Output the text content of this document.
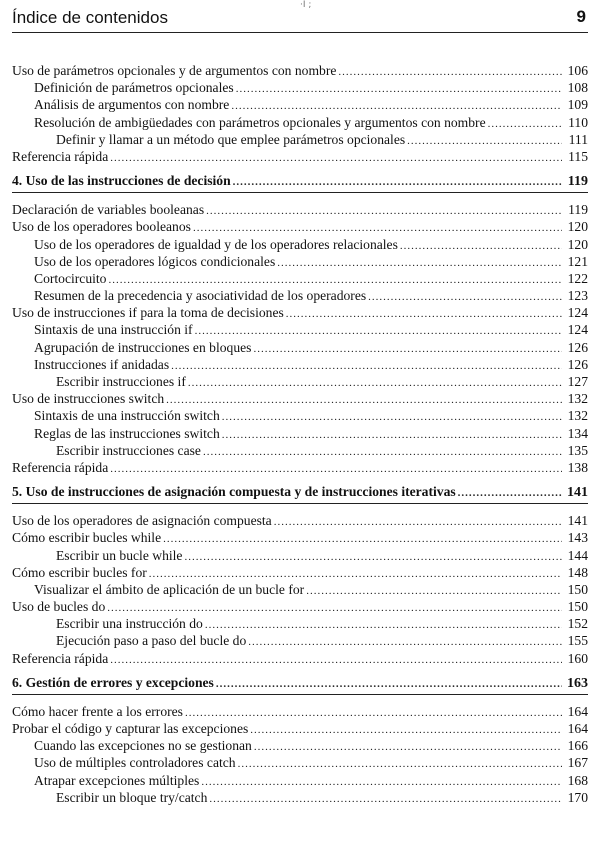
·I ;
Índice de contenidos	9
Uso de parámetros opcionales y de argumentos con nombre .....	106
Definición de parámetros opcionales .....	108
Análisis de argumentos con nombre .....	109
Resolución de ambigüedades con parámetros opcionales y argumentos con nombre .....	110
Definir y llamar a un método que emplee parámetros opcionales .....	111
Referencia rápida .....	115
4. Uso de las instrucciones de decisión .....	119
Declaración de variables booleanas .....	119
Uso de los operadores booleanos .....	120
Uso de los operadores de igualdad y de los operadores relacionales .....	120
Uso de los operadores lógicos condicionales .....	121
Cortocircuito .....	122
Resumen de la precedencia y asociatividad de los operadores .....	123
Uso de instrucciones if para la toma de decisiones .....	124
Sintaxis de una instrucción if .....	124
Agrupación de instrucciones en bloques .....	126
Instrucciones if anidadas .....	126
Escribir instrucciones if .....	127
Uso de instrucciones switch .....	132
Sintaxis de una instrucción switch .....	132
Reglas de las instrucciones switch .....	134
Escribir instrucciones case .....	135
Referencia rápida .....	138
5. Uso de instrucciones de asignación compuesta y de instrucciones iterativas .....	141
Uso de los operadores de asignación compuesta .....	141
Cómo escribir bucles while .....	143
Escribir un bucle while .....	144
Cómo escribir bucles for .....	148
Visualizar el ámbito de aplicación de un bucle for .....	150
Uso de bucles do .....	150
Escribir una instrucción do .....	152
Ejecución paso a paso del bucle do .....	155
Referencia rápida .....	160
6. Gestión de errores y excepciones .....	163
Cómo hacer frente a los errores .....	164
Probar el código y capturar las excepciones .....	164
Cuando las excepciones no se gestionan .....	166
Uso de múltiples controladores catch .....	167
Atrapar excepciones múltiples .....	168
Escribir un bloque try/catch .....	170
